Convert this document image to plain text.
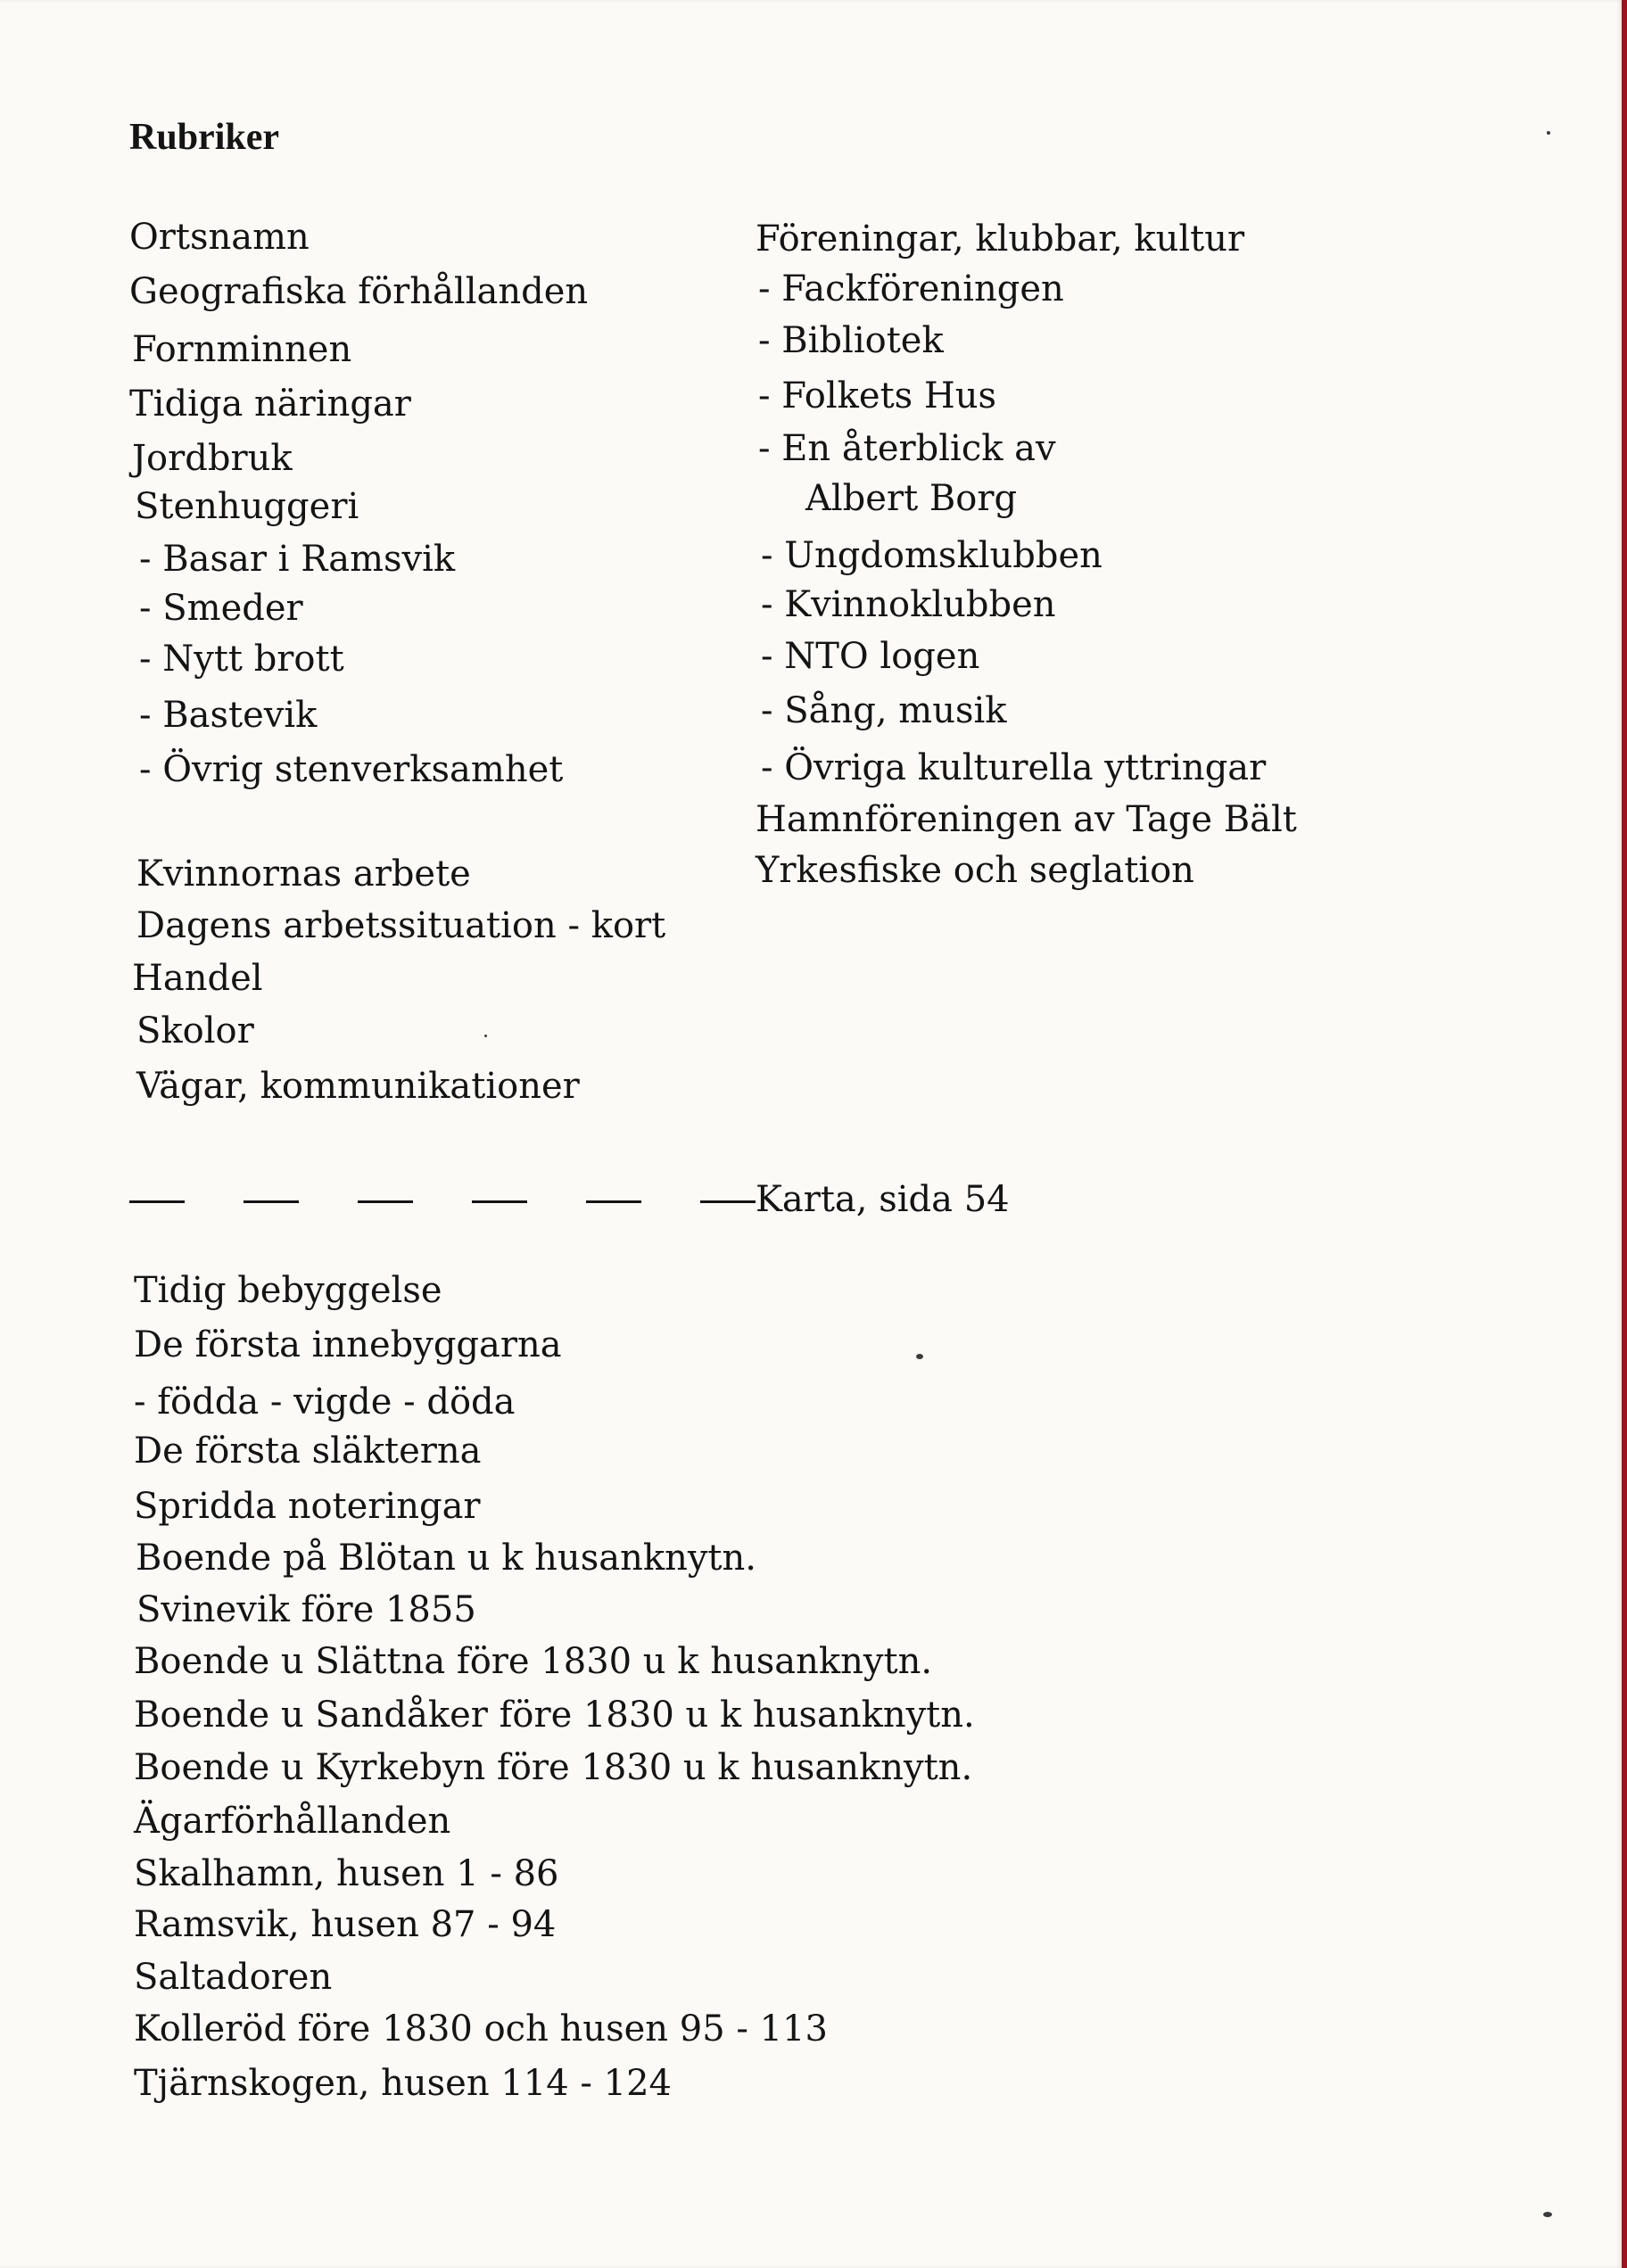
Rubriker
Ortsnamn
Geografiska förhållanden
Fornminnen
Tidiga näringar
Jordbruk
Stenhuggeri
- Basar i Ramsvik
- Smeder
- Nytt brott
- Bastevik
- Övrig stenverksamhet
Kvinnornas arbete
Dagens arbetssituation - kort
Handel
Skolor
Vägar, kommunikationer
Föreningar, klubbar, kultur
- Fackföreningen
- Bibliotek
- Folkets Hus
- En återblick av
Albert Borg
- Ungdomsklubben
- Kvinnoklubben
- NTO logen
- Sång, musik
- Övriga kulturella yttringar
Hamnföreningen av Tage Bält
Yrkesfiske och seglation
Karta, sida 54
Tidig bebyggelse
De första innebyggarna
- födda - vigde - döda
De första släkterna
Spridda noteringar
Boende på Blötan u k husanknytn.
Svinevik före 1855
Boende u Slättna före 1830 u k husanknytn.
Boende u Sandåker före 1830 u k husanknytn.
Boende u Kyrkebyn före 1830 u k husanknytn.
Ägarförhållanden
Skalhamn, husen 1 - 86
Ramsvik, husen 87 - 94
Saltadoren
Kolleröd före 1830 och husen 95 - 113
Tjärnskogen, husen 114 - 124
